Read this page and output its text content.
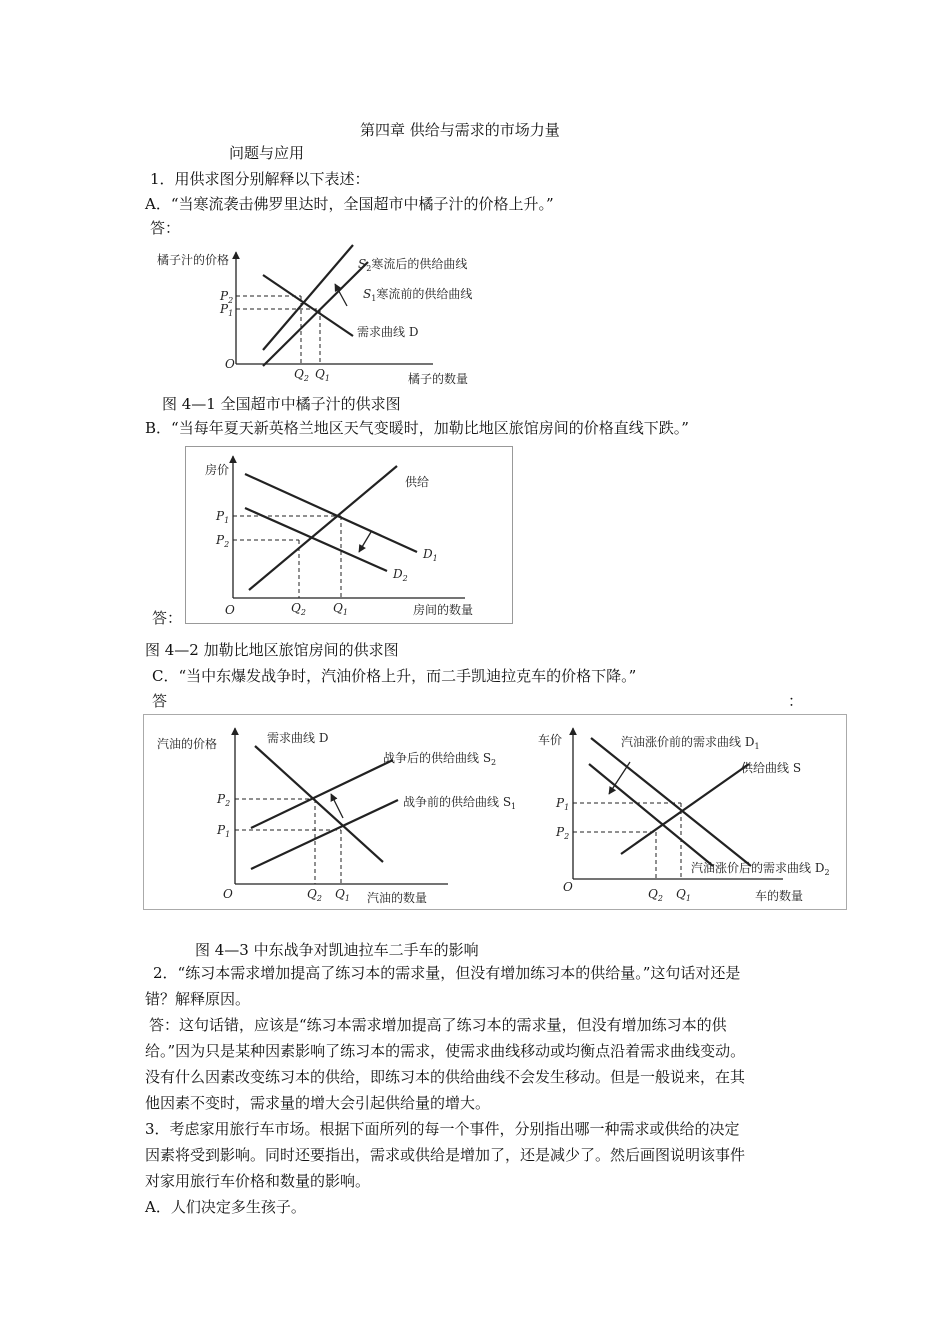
第四章 供给与需求的市场力量
问题与应用
1．用供求图分别解释以下表述：
A．“当寒流袭击佛罗里达时，全国超市中橘子汁的价格上升。”
答：
橘子汁的价格
橘子的数量
O
$P_2$
$P_1$
$Q_2$ $Q_1$
$S_2$寒流后的供给曲线
$S_1$寒流前的供给曲线
需求曲线 D
图 4—1 全国超市中橘子汁的供求图
B．“当每年夏天新英格兰地区天气变暖时，加勒比地区旅馆房间的价格直线下跌。”
答：
房价
房间的数量
O
$P_1$
$P_2$
$Q_2$ $Q_1$
供给
$D_1$
$D_2$
图 4—2 加勒比地区旅馆房间的供求图
C．“当中东爆发战争时，汽油价格上升，而二手凯迪拉克车的价格下降。”
答	：
汽油的价格
汽油的数量
O
$P_2$
$P_1$
$Q_2$ $Q_1$
需求曲线 D
战争后的供给曲线 $S_2$
战争前的供给曲线 $S_1$
车价
车的数量
O
$P_1$
$P_2$
$Q_2$ $Q_1$
汽油涨价前的需求曲线 $D_1$
供给曲线 S
汽油涨价后的需求曲线 $D_2$
图 4—3 中东战争对凯迪拉车二手车的影响
2．“练习本需求增加提高了练习本的需求量，但没有增加练习本的供给量。”这句话对还是
错？解释原因。
答：这句话错，应该是“练习本需求增加提高了练习本的需求量，但没有增加练习本的供
给。”因为只是某种因素影响了练习本的需求，使需求曲线移动或均衡点沿着需求曲线变动。
没有什么因素改变练习本的供给，即练习本的供给曲线不会发生移动。但是一般说来，在其
他因素不变时，需求量的增大会引起供给量的增大。
3．考虑家用旅行车市场。根据下面所列的每一个事件，分别指出哪一种需求或供给的决定
因素将受到影响。同时还要指出，需求或供给是增加了，还是减少了。然后画图说明该事件
对家用旅行车价格和数量的影响。
A．人们决定多生孩子。
